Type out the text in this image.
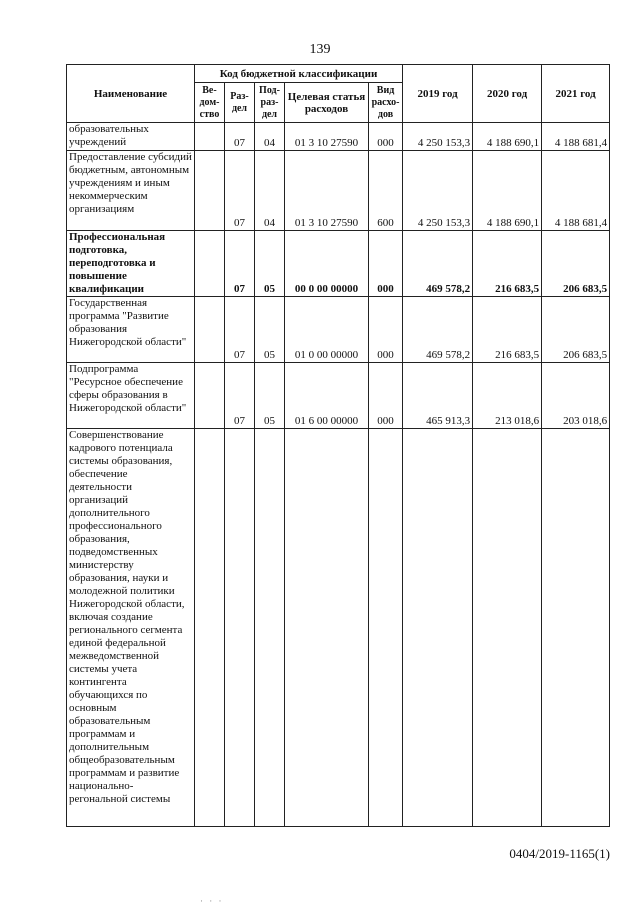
139
Наименование	Код бюджетной классификации					2019 год	2020 год	2021 год
	Ве-дом-ство	Раз-дел	Под-раз-дел	Целевая статья расходов	Вид расхо-дов			
образовательных учреждений		07	04	01 3 10 27590	000	4 250 153,3	4 188 690,1	4 188 681,4
Предоставление субсидий бюджетным, автономным учреждениям и иным некоммерческим организациям		07	04	01 3 10 27590	600	4 250 153,3	4 188 690,1	4 188 681,4
Профессиональная подготовка, переподготовка и повышение квалификации		07	05	00 0 00 00000	000	469 578,2	216 683,5	206 683,5
Государственная программа "Развитие образования Нижегородской области"		07	05	01 0 00 00000	000	469 578,2	216 683,5	206 683,5
Подпрограмма "Ресурсное обеспечение сферы образования в Нижегородской области"		07	05	01 6 00 00000	000	465 913,3	213 018,6	203 018,6
Совершенствование кадрового потенциала системы образования, обеспечение деятельности организаций дополнительного профессионального образования, подведомственных министерству образования, науки и молодежной политики Нижегородской области, включая создание регионального сегмента единой федеральной межведомственной системы учета контингента обучающихся по основным образовательным программам и дополнительным общеобразовательным программам и развитие национально-регональной системы								
0404/2019-1165(1)
· · ·
